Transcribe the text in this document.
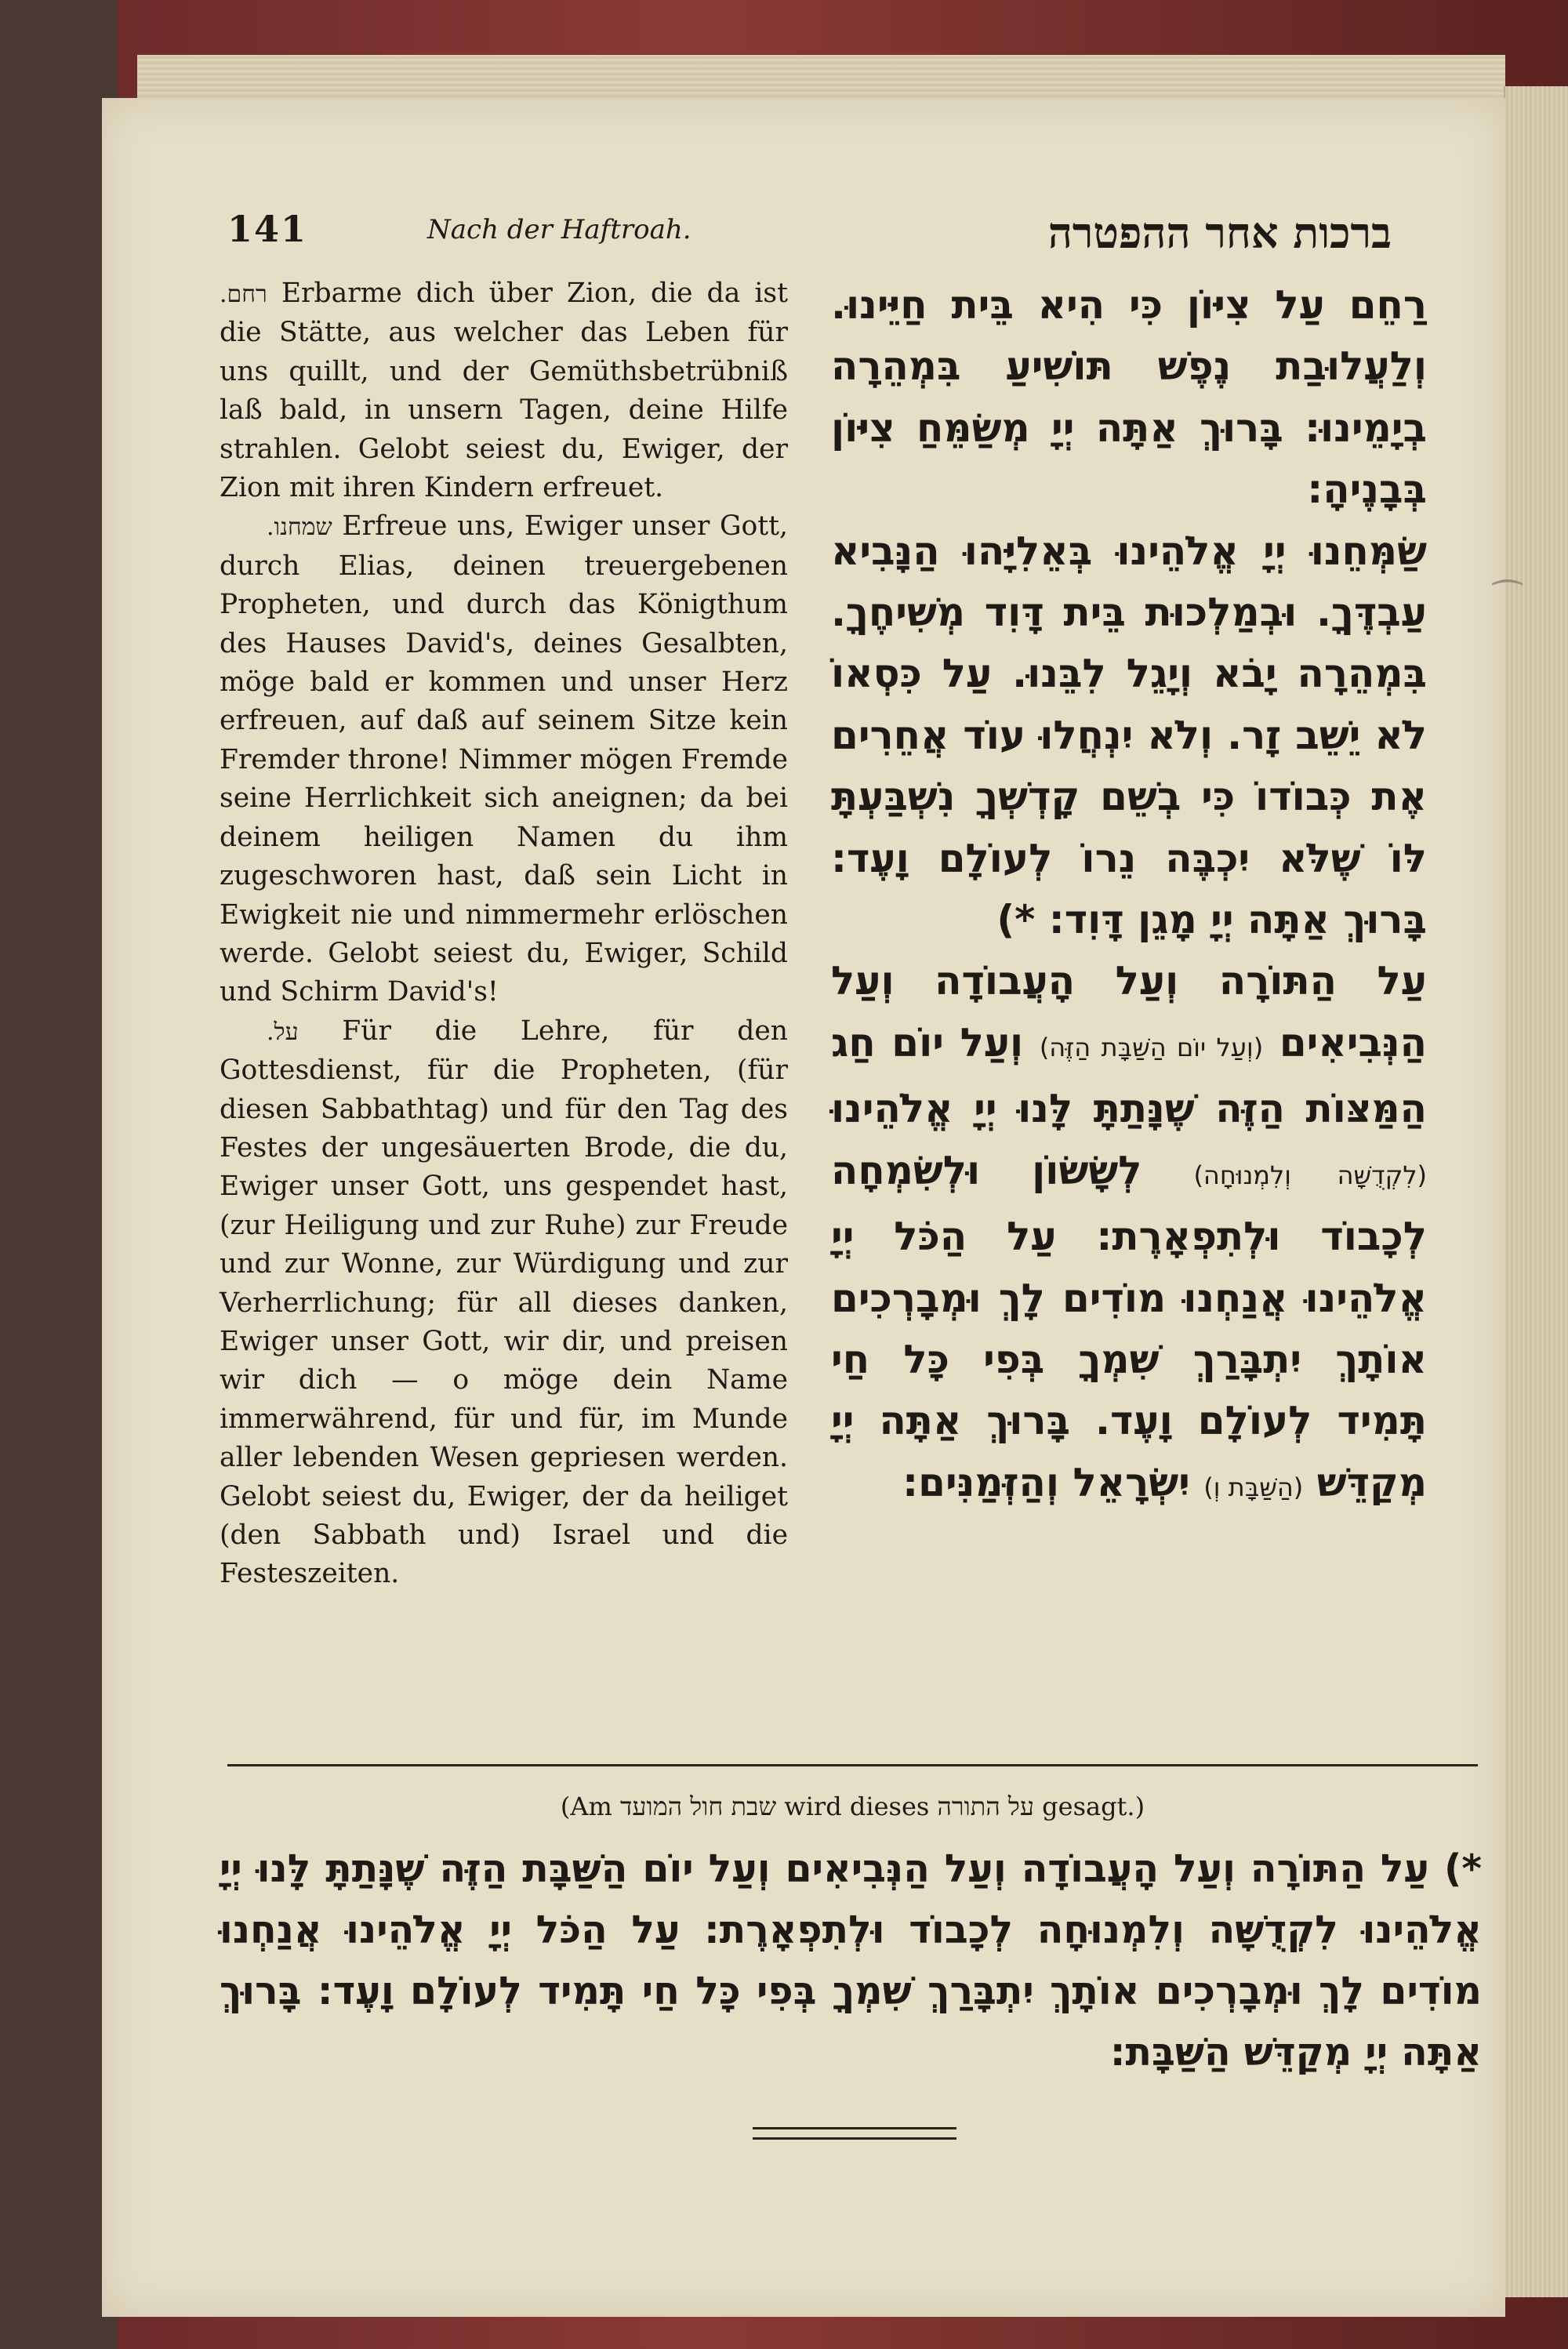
141	Nach der Haftroah.	ברכות אחר ההפטרה

רחם. Erbarme dich über Zion, die da ist die Stätte, aus welcher das Leben für uns quillt, und der Gemüthsbetrübniß laß bald, in unsern Tagen, deine Hilfe strahlen. Gelobt seiest du, Ewiger, der Zion mit ihren Kindern erfreuet.

שמחנו. Erfreue uns, Ewiger unser Gott, durch Elias, deinen treuergebenen Propheten, und durch das Königthum des Hauses David's, deines Gesalbten, möge bald er kommen und unser Herz erfreuen, auf daß auf seinem Sitze kein Fremder throne! Nimmer mögen Fremde seine Herrlichkeit sich aneignen; da bei deinem heiligen Namen du ihm zugeschworen hast, daß sein Licht in Ewigkeit nie und nimmermehr erlöschen werde. Gelobt seiest du, Ewiger, Schild und Schirm David's!

על. Für die Lehre, für den Gottesdienst, für die Propheten, (für diesen Sabbathtag) und für den Tag des Festes der ungesäuerten Brode, die du, Ewiger unser Gott, uns gespendet hast, (zur Heiligung und zur Ruhe) zur Freude und zur Wonne, zur Würdigung und zur Verherrlichung; für all dieses danken, Ewiger unser Gott, wir dir, und preisen wir dich — o möge dein Name immerwährend, für und für, im Munde aller lebenden Wesen gepriesen werden. Gelobt seiest du, Ewiger, der da heiliget (den Sabbath und) Israel und die Festeszeiten.

רַחֵם עַל צִיּוֹן כִּי הִיא בֵּית חַיֵּינוּ. וְלַעֲלוּבַת נֶפֶשׁ תּוֹשִׁיעַ בִּמְהֵרָה בְיָמֵינוּ: בָּרוּךְ אַתָּה יְיָ מְשַׂמֵּחַ צִיּוֹן בְּבָנֶיהָ:

שַׂמְּחֵנוּ יְיָ אֱלֹהֵינוּ בְּאֵלִיָּהוּ הַנָּבִיא עַבְדֶּךָ. וּבְמַלְכוּת בֵּית דָּוִד מְשִׁיחֶךָ. בִּמְהֵרָה יָבֹא וְיָגֵל לִבֵּנוּ. עַל כִּסְאוֹ לֹא יֵשֵׁב זָר. וְלֹא יִנְחֲלוּ עוֹד אֲחֵרִים אֶת כְּבוֹדוֹ כִּי בְשֵׁם קָדְשְׁךָ נִשְׁבַּעְתָּ לּוֹ שֶׁלֹּא יִכְבֶּה נֵרוֹ לְעוֹלָם וָעֶד: בָּרוּךְ אַתָּה יְיָ מָגֵן דָּוִד: *)

עַל הַתּוֹרָה וְעַל הָעֲבוֹדָה וְעַל הַנְּבִיאִים (וְעַל יוֹם הַשַּׁבָּת הַזֶּה) וְעַל יוֹם חַג הַמַּצּוֹת הַזֶּה שֶׁנָּתַתָּ לָּנוּ יְיָ אֱלֹהֵינוּ (לִקְדֻשָּׁה וְלִמְנוּחָה) לְשָׂשׂוֹן וּלְשִׂמְחָה לְכָבוֹד וּלְתִפְאָרֶת: עַל הַכֹּל יְיָ אֱלֹהֵינוּ אֲנַחְנוּ מוֹדִים לָךְ וּמְבָרְכִים אוֹתָךְ יִתְבָּרַךְ שִׁמְךָ בְּפִי כָּל חַי תָּמִיד לְעוֹלָם וָעֶד. בָּרוּךְ אַתָּה יְיָ מְקַדֵּשׁ (הַשַּׁבָּת וְ) יִשְׂרָאֵל וְהַזְּמַנִּים:

(Am שבת חול המועד wird dieses על התורה gesagt.)
*) עַל הַתּוֹרָה וְעַל הָעֲבוֹדָה וְעַל הַנְּבִיאִים וְעַל יוֹם הַשַּׁבָּת הַזֶּה שֶׁנָּתַתָּ לָּנוּ יְיָ אֱלֹהֵינוּ לִקְדֻשָּׁה וְלִמְנוּחָה לְכָבוֹד וּלְתִפְאָרֶת: עַל הַכֹּל יְיָ אֱלֹהֵינוּ אֲנַחְנוּ מוֹדִים לָךְ וּמְבָרְכִים אוֹתָךְ יִתְבָּרַךְ שִׁמְךָ בְּפִי כָּל חַי תָּמִיד לְעוֹלָם וָעֶד: בָּרוּךְ אַתָּה יְיָ מְקַדֵּשׁ הַשַּׁבָּת:
⁀
